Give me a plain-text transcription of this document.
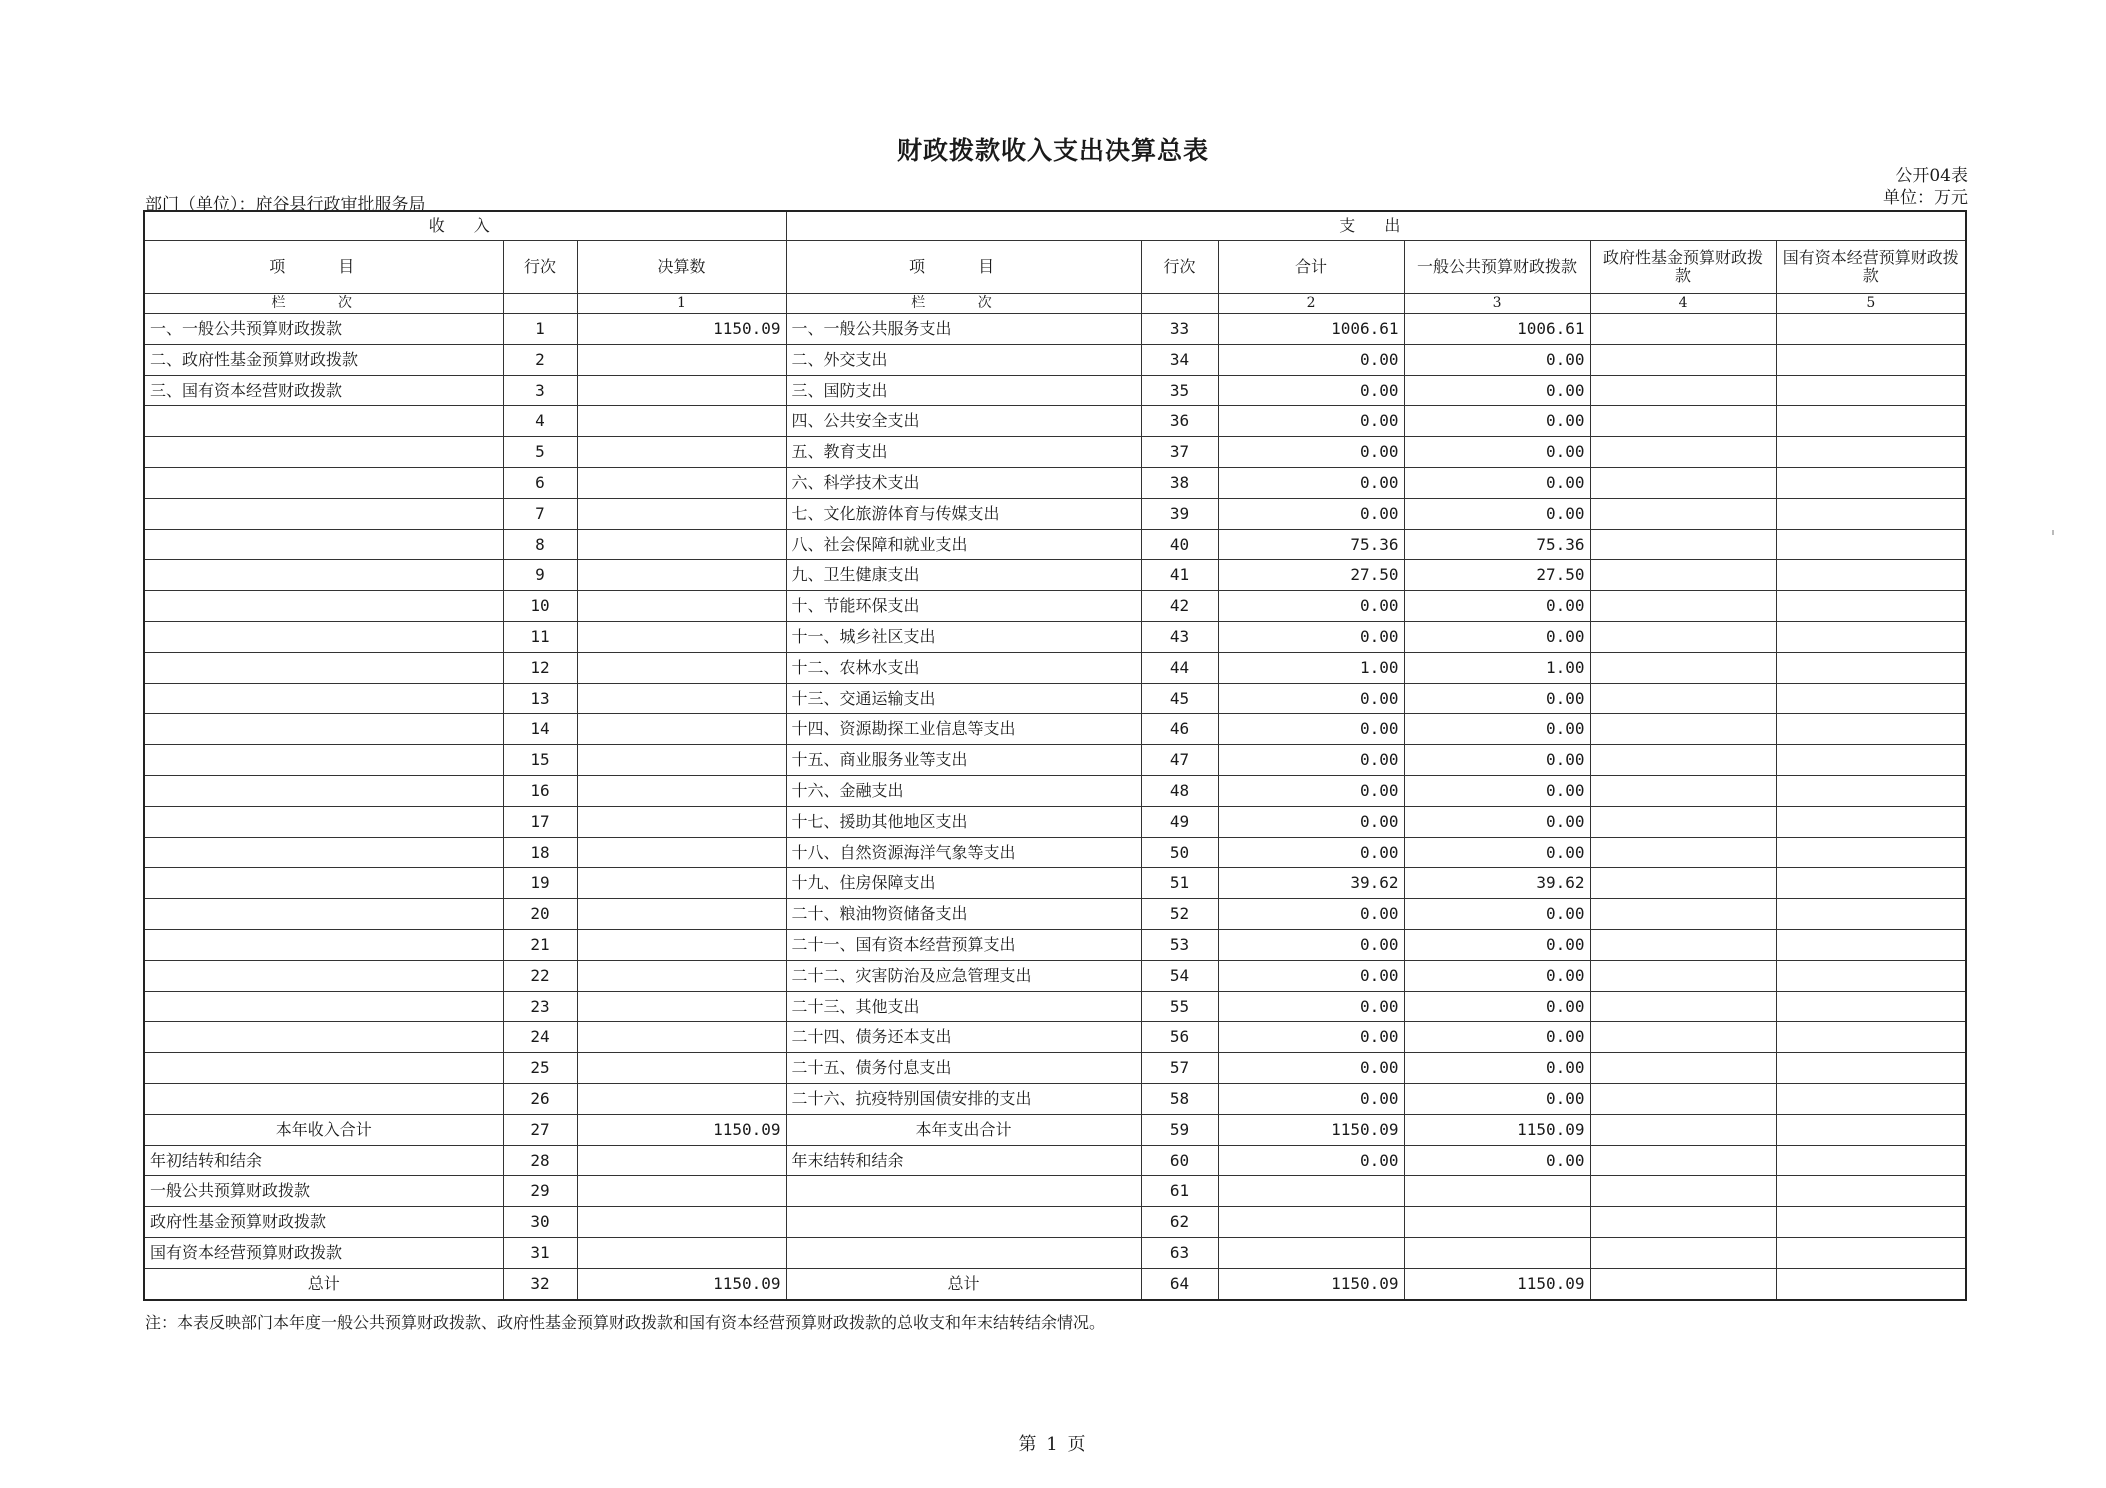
财政拨款收入支出决算总表
公开04表
单位：万元
部门（单位）：府谷县行政审批服务局
收 入			支 出					
项 目	行次	决算数	项 目	行次	合计	一般公共预算财政拨款	政府性基金预算财政拨款	国有资本经营预算财政拨款
栏 次		1	栏 次		2	3	4	5
一、一般公共预算财政拨款	1	1150.09	一、一般公共服务支出	33	1006.61	1006.61		
二、政府性基金预算财政拨款	2		二、外交支出	34	0.00	0.00		
三、国有资本经营财政拨款	3		三、国防支出	35	0.00	0.00		
	4		四、公共安全支出	36	0.00	0.00		
	5		五、教育支出	37	0.00	0.00		
	6		六、科学技术支出	38	0.00	0.00		
	7		七、文化旅游体育与传媒支出	39	0.00	0.00		
	8		八、社会保障和就业支出	40	75.36	75.36		
	9		九、卫生健康支出	41	27.50	27.50		
	10		十、节能环保支出	42	0.00	0.00		
	11		十一、城乡社区支出	43	0.00	0.00		
	12		十二、农林水支出	44	1.00	1.00		
	13		十三、交通运输支出	45	0.00	0.00		
	14		十四、资源勘探工业信息等支出	46	0.00	0.00		
	15		十五、商业服务业等支出	47	0.00	0.00		
	16		十六、金融支出	48	0.00	0.00		
	17		十七、援助其他地区支出	49	0.00	0.00		
	18		十八、自然资源海洋气象等支出	50	0.00	0.00		
	19		十九、住房保障支出	51	39.62	39.62		
	20		二十、粮油物资储备支出	52	0.00	0.00		
	21		二十一、国有资本经营预算支出	53	0.00	0.00		
	22		二十二、灾害防治及应急管理支出	54	0.00	0.00		
	23		二十三、其他支出	55	0.00	0.00		
	24		二十四、债务还本支出	56	0.00	0.00		
	25		二十五、债务付息支出	57	0.00	0.00		
	26		二十六、抗疫特别国债安排的支出	58	0.00	0.00		
本年收入合计	27	1150.09	本年支出合计	59	1150.09	1150.09		
年初结转和结余	28		年末结转和结余	60	0.00	0.00		
一般公共预算财政拨款	29			61				
政府性基金预算财政拨款	30			62				
国有资本经营预算财政拨款	31			63				
总计	32	1150.09	总计	64	1150.09	1150.09		
注：本表反映部门本年度一般公共预算财政拨款、政府性基金预算财政拨款和国有资本经营预算财政拨款的总收支和年末结转结余情况。
第 1 页
